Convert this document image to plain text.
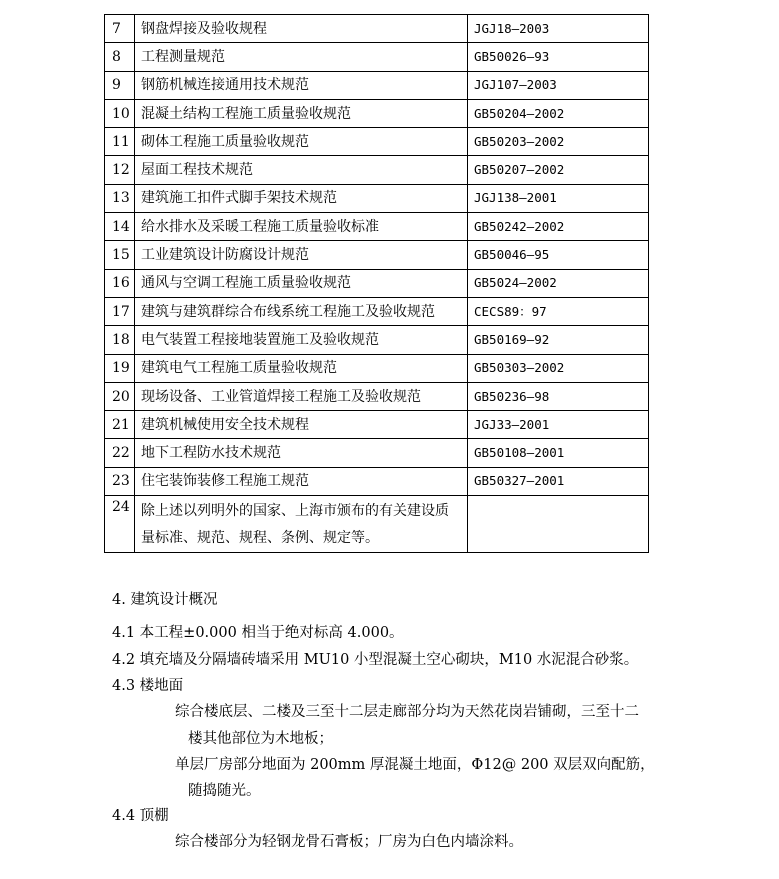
7	钢盘焊接及验收规程	JGJ18—2003
8	工程测量规范	GB50026—93
9	钢筋机械连接通用技术规范	JGJ107—2003
10	混凝土结构工程施工质量验收规范	GB50204—2002
11	砌体工程施工质量验收规范	GB50203—2002
12	屋面工程技术规范	GB50207—2002
13	建筑施工扣件式脚手架技术规范	JGJ138—2001
14	给水排水及采暖工程施工质量验收标准	GB50242—2002
15	工业建筑设计防腐设计规范	GB50046—95
16	通风与空调工程施工质量验收规范	GB5024—2002
17	建筑与建筑群综合布线系统工程施工及验收规范	CECS89：97
18	电气装置工程接地装置施工及验收规范	GB50169—92
19	建筑电气工程施工质量验收规范	GB50303—2002
20	现场设备、工业管道焊接工程施工及验收规范	GB50236—98
21	建筑机械使用安全技术规程	JGJ33—2001
22	地下工程防水技术规范	GB50108—2001
23	住宅装饰装修工程施工规范	GB50327—2001
24	除上述以列明外的国家、上海市颁布的有关建设质量标准、规范、规程、条例、规定等。	
4. 建筑设计概况
4.1 本工程±0.000 相当于绝对标高 4.000。
4.2 填充墙及分隔墙砖墙采用 MU10 小型混凝土空心砌块，M10 水泥混合砂浆。
4.3 楼地面
综合楼底层、二楼及三至十二层走廊部分均为天然花岗岩铺砌，三至十二
楼其他部位为木地板；
单层厂房部分地面为 200mm 厚混凝土地面，Φ12@ 200 双层双向配筋，
随捣随光。
4.4 顶棚
综合楼部分为轻钢龙骨石膏板；厂房为白色内墙涂料。
